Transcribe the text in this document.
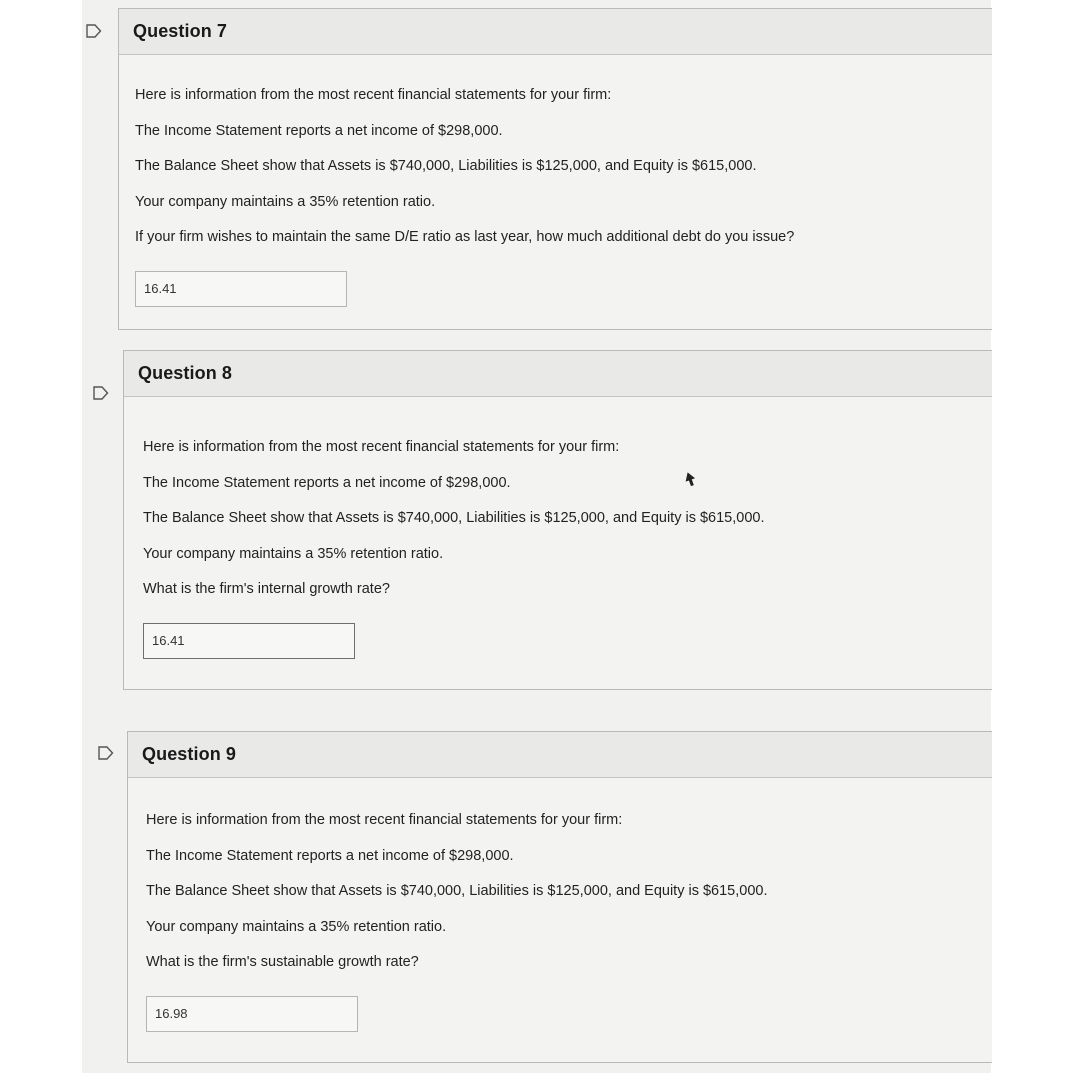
Question 7

Here is information from the most recent financial statements for your firm:

The Income Statement reports a net income of $298,000.

The Balance Sheet show that Assets is $740,000, Liabilities is $125,000, and Equity is $615,000.

Your company maintains a 35% retention ratio.

If your firm wishes to maintain the same D/E ratio as last year, how much additional debt do you issue?

16.41
Question 8

Here is information from the most recent financial statements for your firm:

The Income Statement reports a net income of $298,000.

The Balance Sheet show that Assets is $740,000, Liabilities is $125,000, and Equity is $615,000.

Your company maintains a 35% retention ratio.

What is the firm's internal growth rate?

16.41
Question 9

Here is information from the most recent financial statements for your firm:

The Income Statement reports a net income of $298,000.

The Balance Sheet show that Assets is $740,000, Liabilities is $125,000, and Equity is $615,000.

Your company maintains a 35% retention ratio.

What is the firm's sustainable growth rate?

16.98
